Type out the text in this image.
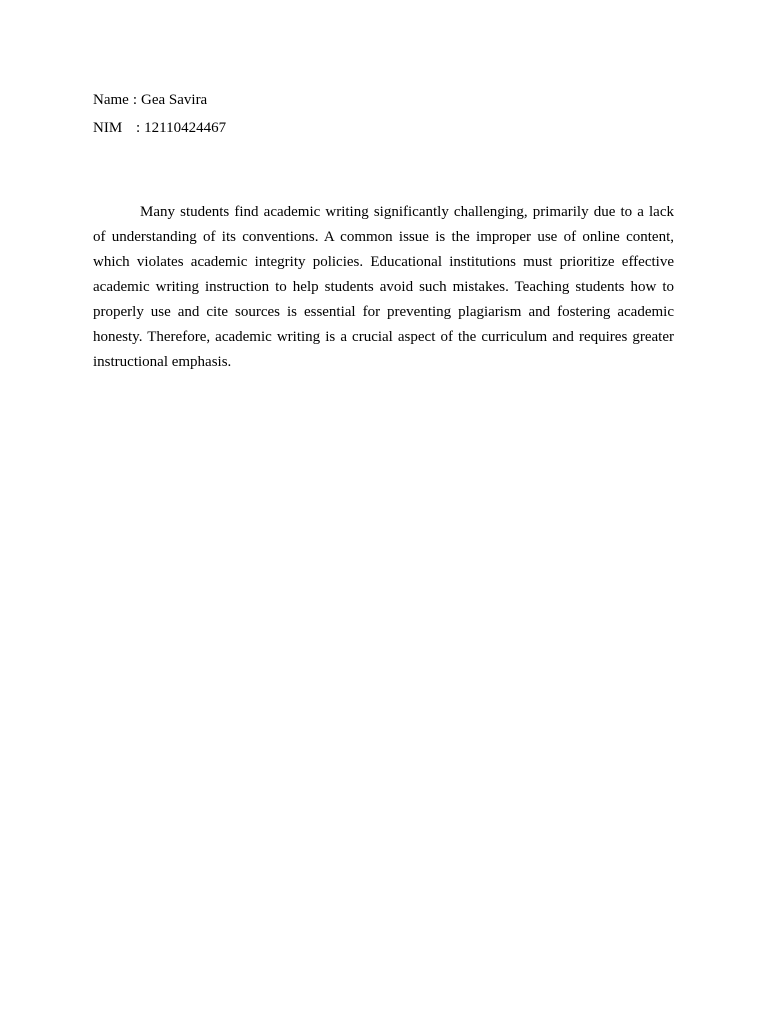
Name : Gea Savira
NIM : 12110424467

Many students find academic writing significantly challenging, primarily due to a lack of understanding of its conventions. A common issue is the improper use of online content, which violates academic integrity policies. Educational institutions must prioritize effective academic writing instruction to help students avoid such mistakes. Teaching students how to properly use and cite sources is essential for preventing plagiarism and fostering academic honesty. Therefore, academic writing is a crucial aspect of the curriculum and requires greater instructional emphasis.
